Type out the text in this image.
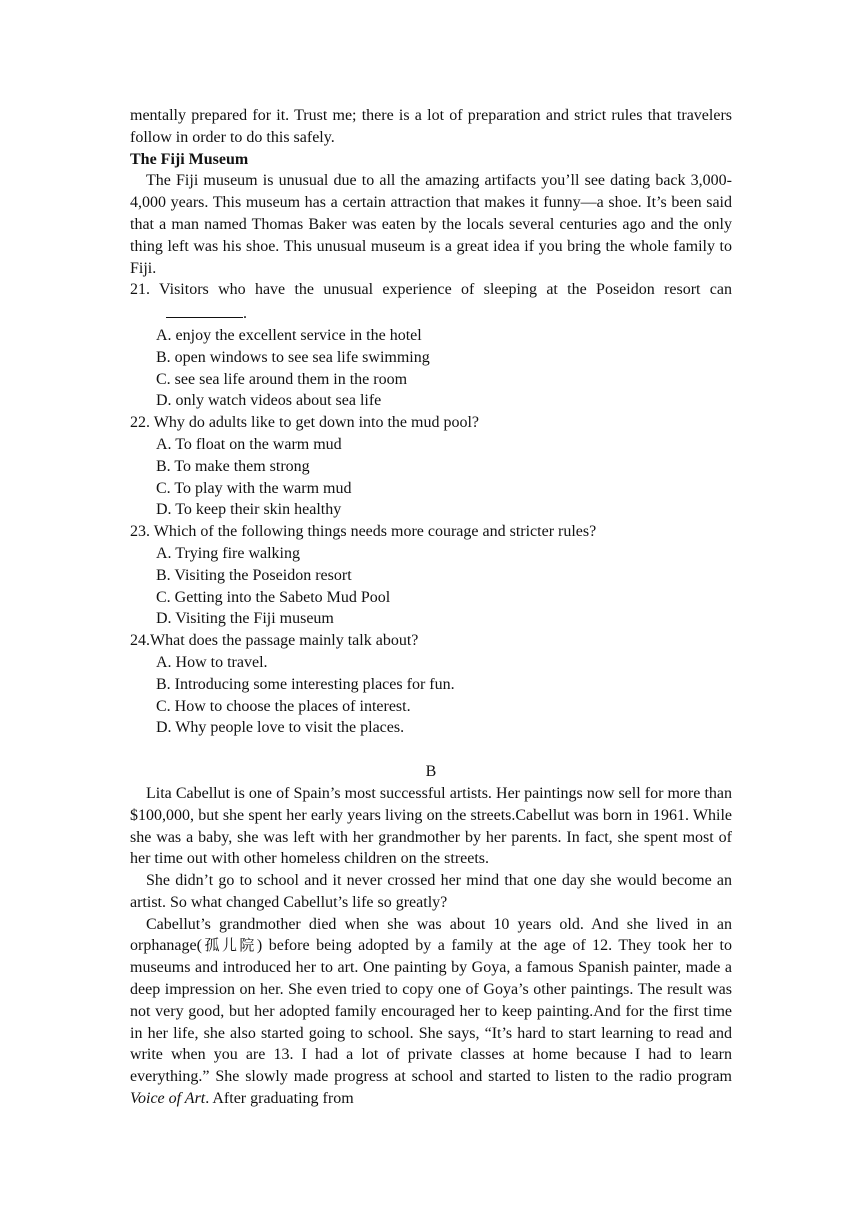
mentally prepared for it. Trust me; there is a lot of preparation and strict rules that travelers follow in order to do this safely.

The Fiji Museum

The Fiji museum is unusual due to all the amazing artifacts you’ll see dating back 3,000-4,000 years. This museum has a certain attraction that makes it funny—a shoe. It’s been said that a man named Thomas Baker was eaten by the locals several centuries ago and the only thing left was his shoe. This unusual museum is a great idea if you bring the whole family to Fiji.

21. Visitors who have the unusual experience of sleeping at the Poseidon resort can .

A. enjoy the excellent service in the hotel

B. open windows to see sea life swimming

C. see sea life around them in the room

D. only watch videos about sea life

22. Why do adults like to get down into the mud pool?

A. To float on the warm mud

B. To make them strong

C. To play with the warm mud

D. To keep their skin healthy

23. Which of the following things needs more courage and stricter rules?

A. Trying fire walking

B. Visiting the Poseidon resort

C. Getting into the Sabeto Mud Pool

D. Visiting the Fiji museum

24.What does the passage mainly talk about?

A. How to travel.

B. Introducing some interesting places for fun.

C. How to choose the places of interest.

D. Why people love to visit the places.

B

Lita Cabellut is one of Spain’s most successful artists. Her paintings now sell for more than $100,000, but she spent her early years living on the streets.Cabellut was born in 1961. While she was a baby, she was left with her grandmother by her parents. In fact, she spent most of her time out with other homeless children on the streets.

She didn’t go to school and it never crossed her mind that one day she would become an artist. So what changed Cabellut’s life so greatly?

Cabellut’s grandmother died when she was about 10 years old. And she lived in an orphanage(孤儿院) before being adopted by a family at the age of 12. They took her to museums and introduced her to art. One painting by Goya, a famous Spanish painter, made a deep impression on her. She even tried to copy one of Goya’s other paintings. The result was not very good, but her adopted family encouraged her to keep painting.And for the first time in her life, she also started going to school. She says, “It’s hard to start learning to read and write when you are 13. I had a lot of private classes at home because I had to learn everything.” She slowly made progress at school and started to listen to the radio program Voice of Art. After graduating from
